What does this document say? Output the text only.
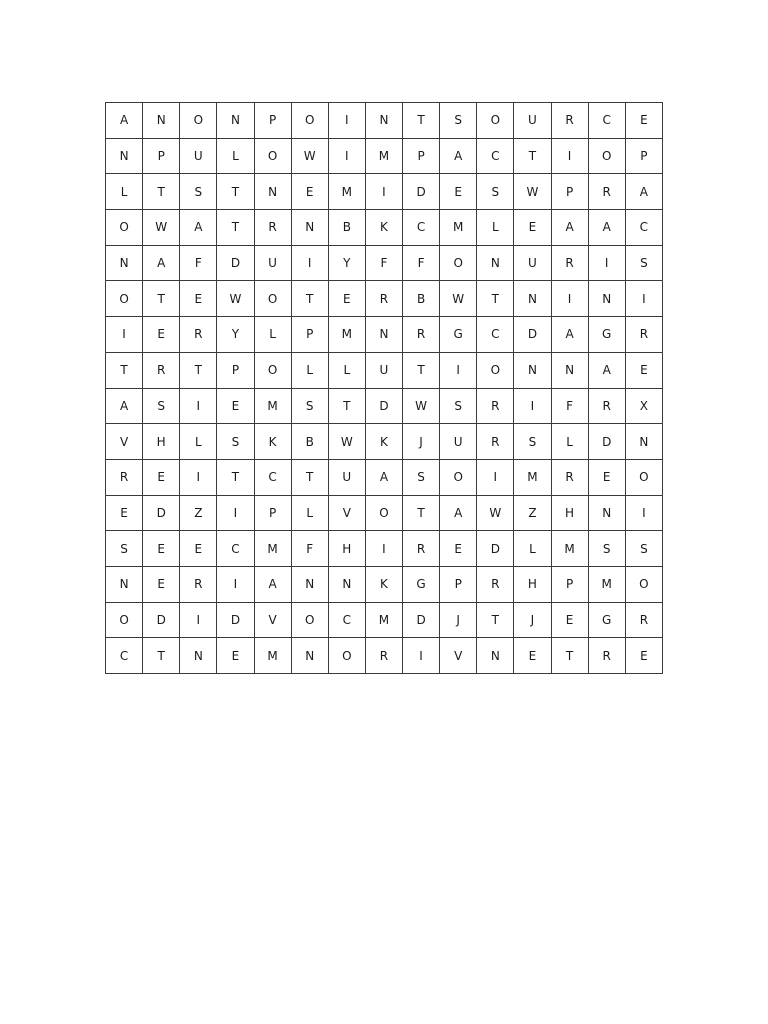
A	N	O	N	P	O	I	N	T	S	O	U	R	C	E
N	P	U	L	O	W	I	M	P	A	C	T	I	O	P
L	T	S	T	N	E	M	I	D	E	S	W	P	R	A
O	W	A	T	R	N	B	K	C	M	L	E	A	A	C
N	A	F	D	U	I	Y	F	F	O	N	U	R	I	S
O	T	E	W	O	T	E	R	B	W	T	N	I	N	I
I	E	R	Y	L	P	M	N	R	G	C	D	A	G	R
T	R	T	P	O	L	L	U	T	I	O	N	N	A	E
A	S	I	E	M	S	T	D	W	S	R	I	F	R	X
V	H	L	S	K	B	W	K	J	U	R	S	L	D	N
R	E	I	T	C	T	U	A	S	O	I	M	R	E	O
E	D	Z	I	P	L	V	O	T	A	W	Z	H	N	I
S	E	E	C	M	F	H	I	R	E	D	L	M	S	S
N	E	R	I	A	N	N	K	G	P	R	H	P	M	O
O	D	I	D	V	O	C	M	D	J	T	J	E	G	R
C	T	N	E	M	N	O	R	I	V	N	E	T	R	E
